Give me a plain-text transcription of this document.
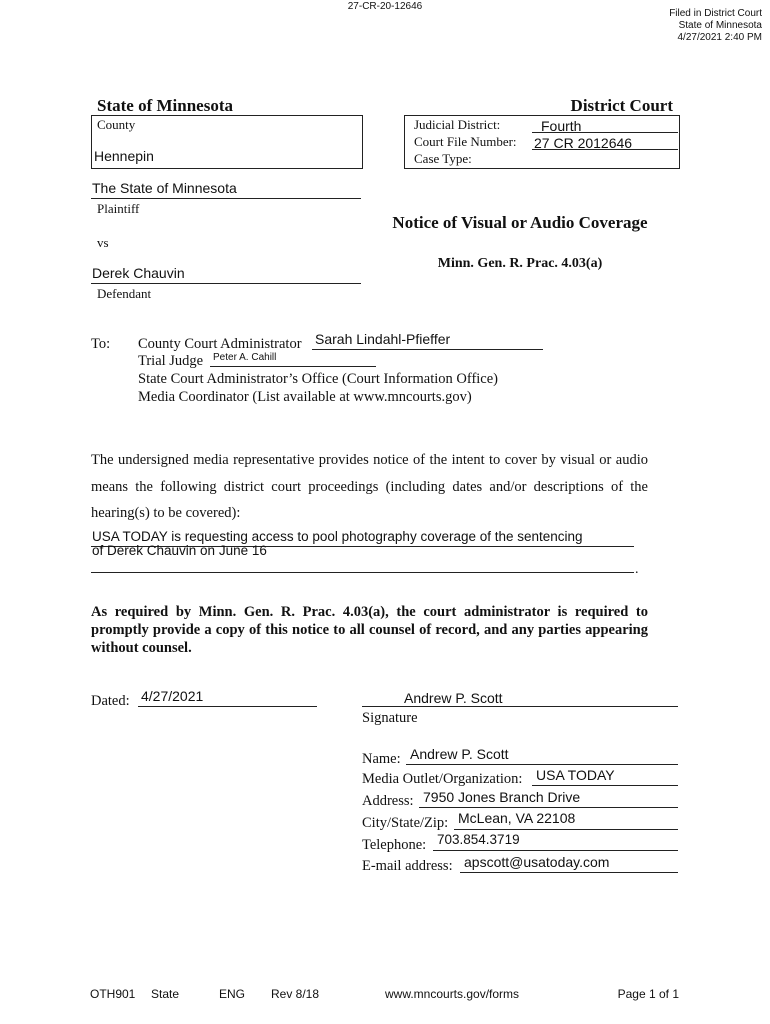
27-CR-20-12646
Filed in District Court
State of Minnesota
4/27/2021 2:40 PM
State of Minnesota	District Court
County
Hennepin
Judicial District:	Fourth
Court File Number: 27 CR 2012646
Case Type:
The State of Minnesota
Plaintiff
vs
Derek Chauvin
Defendant
Notice of Visual or Audio Coverage
Minn. Gen. R. Prac. 4.03(a)
To: County Court Administrator Sarah Lindahl-Pfieffer
Trial Judge Peter A. Cahill
State Court Administrator’s Office (Court Information Office)
Media Coordinator (List available at www.mncourts.gov)
The undersigned media representative provides notice of the intent to cover by visual or audio
means the following district court proceedings (including dates and/or descriptions of the
hearing(s) to be covered):
USA TODAY is requesting access to pool photography coverage of the sentencing
of Derek Chauvin on June 16
.
As required by Minn. Gen. R. Prac. 4.03(a), the court administrator is required to promptly provide a copy of this notice to all counsel of record, and any parties appearing without counsel.
Dated: 4/27/2021	Andrew P. Scott
Signature
Name: Andrew P. Scott
Media Outlet/Organization: USA TODAY
Address: 7950 Jones Branch Drive
City/State/Zip: McLean, VA 22108
Telephone: 703.854.3719
E-mail address: apscott@usatoday.com
OTH901 State	ENG Rev 8/18	www.mncourts.gov/forms	Page 1 of 1
